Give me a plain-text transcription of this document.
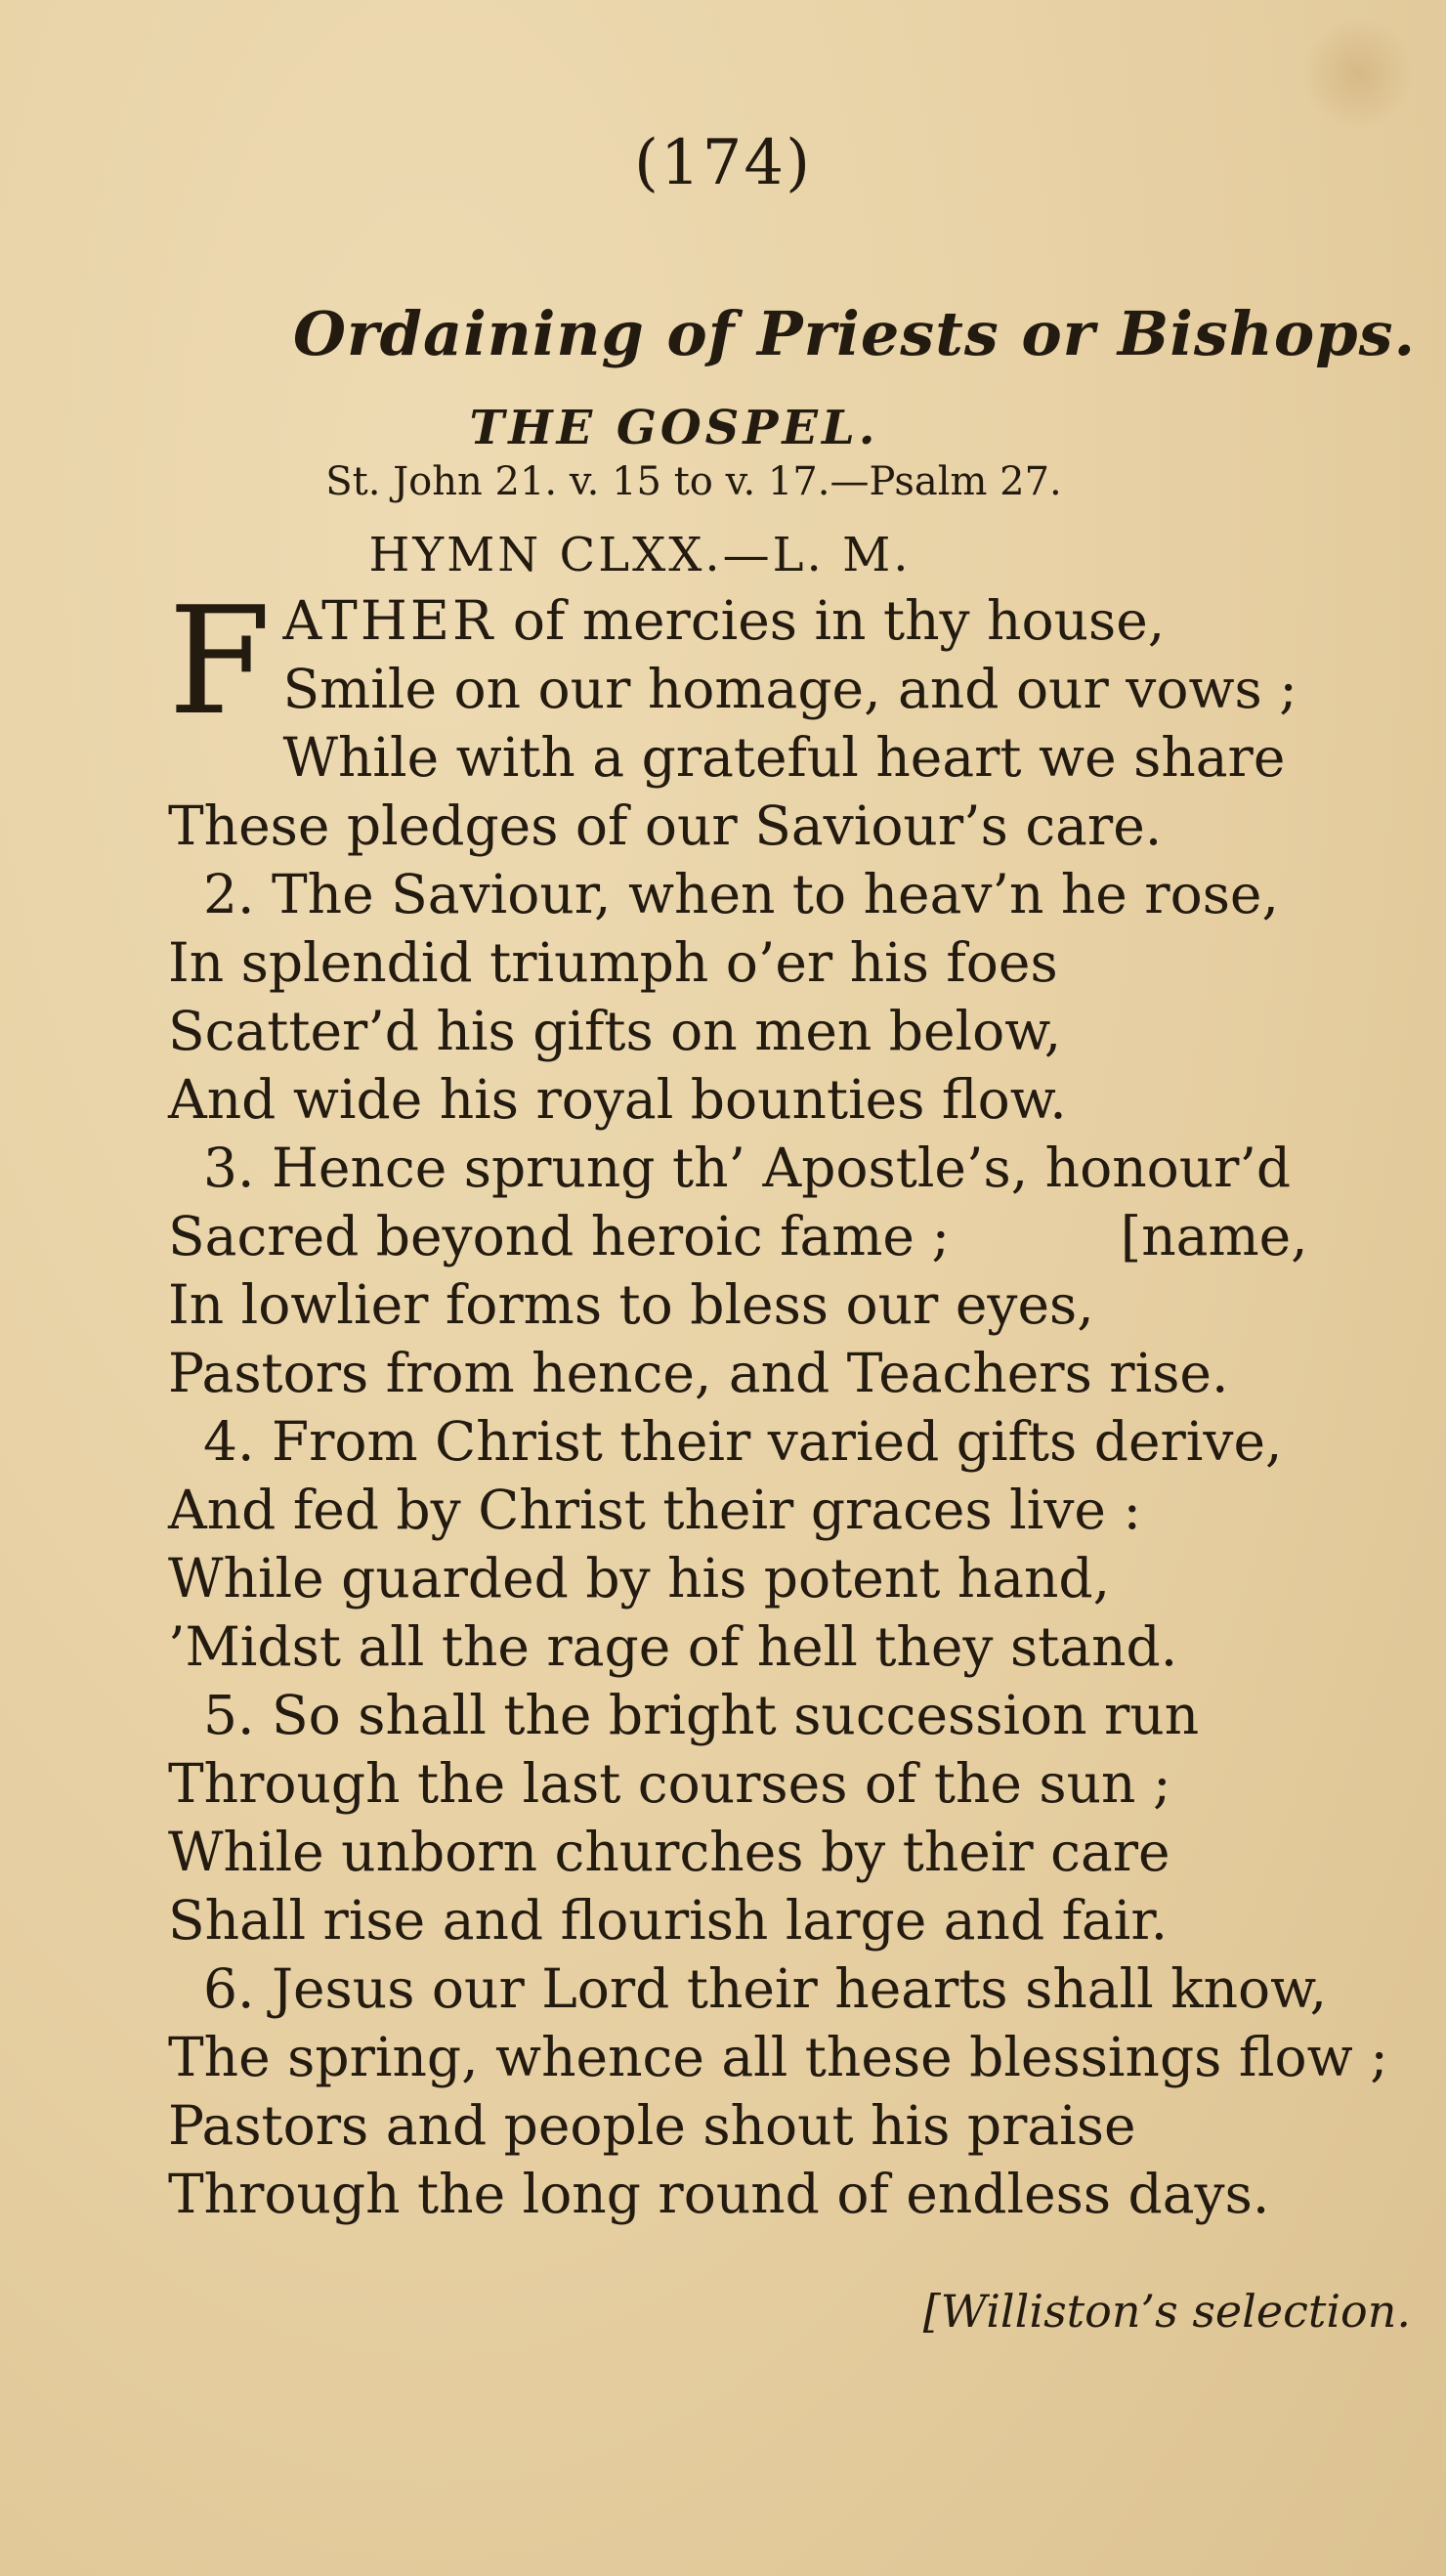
(174)
Ordaining of Priests or Bishops.
THE GOSPEL.
St. John 21. v. 15 to v. 17.—Psalm 27.
HYMN CLXX.—L. M.
F ATHER of mercies in thy house,
Smile on our homage, and our vows ;
While with a grateful heart we share
These pledges of our Saviour’s care.
2. The Saviour, when to heav’n he rose,
In splendid triumph o’er his foes
Scatter’d his gifts on men below,
And wide his royal bounties flow.
3. Hence sprung th’ Apostle’s, honour’d
Sacred beyond heroic fame ;          [name,
In lowlier forms to bless our eyes,
Pastors from hence, and Teachers rise.
4. From Christ their varied gifts derive,
And fed by Christ their graces live :
While guarded by his potent hand,
’Midst all the rage of hell they stand.
5. So shall the bright succession run
Through the last courses of the sun ;
While unborn churches by their care
Shall rise and flourish large and fair.
6. Jesus our Lord their hearts shall know,
The spring, whence all these blessings flow ;
Pastors and people shout his praise
Through the long round of endless days.
[Williston’s selection.
